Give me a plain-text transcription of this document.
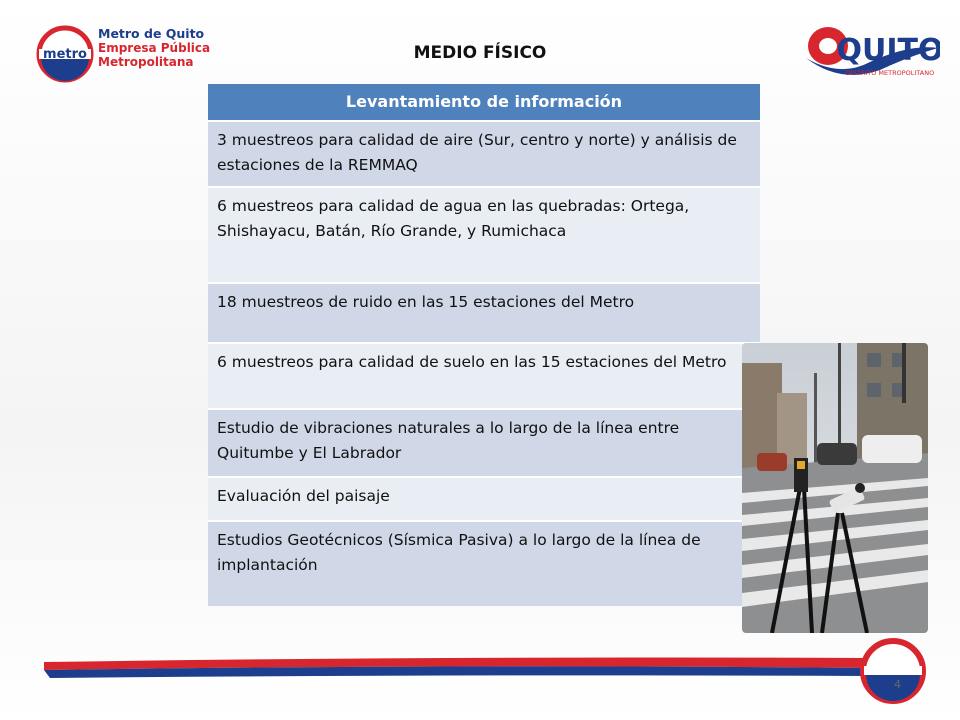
metro
Metro de Quito
Empresa Pública
Metropolitana	QUITO
DISTRITO METROPOLITANO
MEDIO FÍSICO
Levantamiento de información
3 muestreos para calidad de aire (Sur, centro y norte) y análisis de estaciones de la REMMAQ
6 muestreos para calidad de agua en las quebradas: Ortega, Shishayacu, Batán, Río Grande, y Rumichaca
18 muestreos de ruido en las 15 estaciones del Metro
6 muestreos para calidad de suelo en las 15 estaciones del Metro
Estudio de vibraciones naturales a lo largo de la línea entre Quitumbe y El Labrador
Evaluación del paisaje
Estudios Geotécnicos (Sísmica Pasiva) a lo largo de la línea de implantación
4
